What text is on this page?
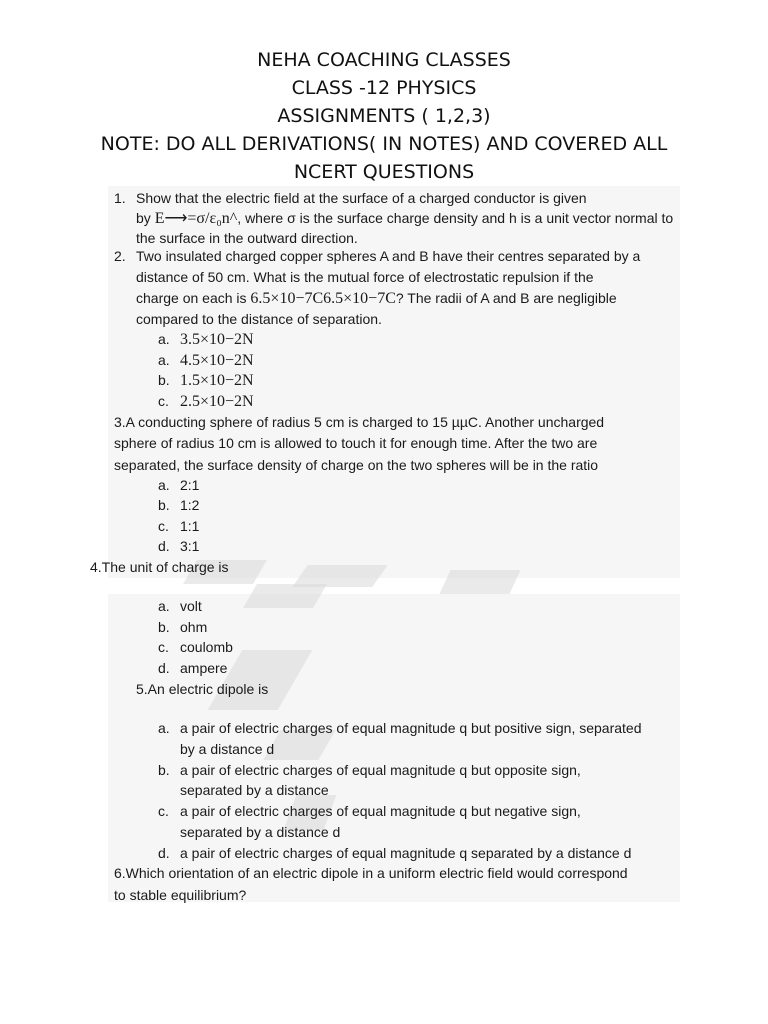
NEHA COACHING CLASSES
CLASS -12 PHYSICS
ASSIGNMENTS ( 1,2,3)
NOTE: DO ALL DERIVATIONS( IN NOTES) AND COVERED ALL
NCERT QUESTIONS
1. Show that the electric field at the surface of a charged conductor is given
by E⟶=σ/ε₀n^, where σ is the surface charge density and h is a unit vector normal to
the surface in the outward direction.
2. Two insulated charged copper spheres A and B have their centres separated by a
distance of 50 cm. What is the mutual force of electrostatic repulsion if the
charge on each is 6.5×10−7C6.5×10−7C? The radii of A and B are negligible
compared to the distance of separation.
a. 3.5×10−2N
a. 4.5×10−2N
b. 1.5×10−2N
c. 2.5×10−2N
3.A conducting sphere of radius 5 cm is charged to 15 µµC. Another uncharged
sphere of radius 10 cm is allowed to touch it for enough time. After the two are
separated, the surface density of charge on the two spheres will be in the ratio
a. 2:1
b. 1:2
c. 1:1
d. 3:1
4.The unit of charge is
a. volt
b. ohm
c. coulomb
d. ampere
5.An electric dipole is
a. a pair of electric charges of equal magnitude q but positive sign, separated
by a distance d
b. a pair of electric charges of equal magnitude q but opposite sign,
separated by a distance
c. a pair of electric charges of equal magnitude q but negative sign,
separated by a distance d
d. a pair of electric charges of equal magnitude q separated by a distance d
6.Which orientation of an electric dipole in a uniform electric field would correspond
to stable equilibrium?
